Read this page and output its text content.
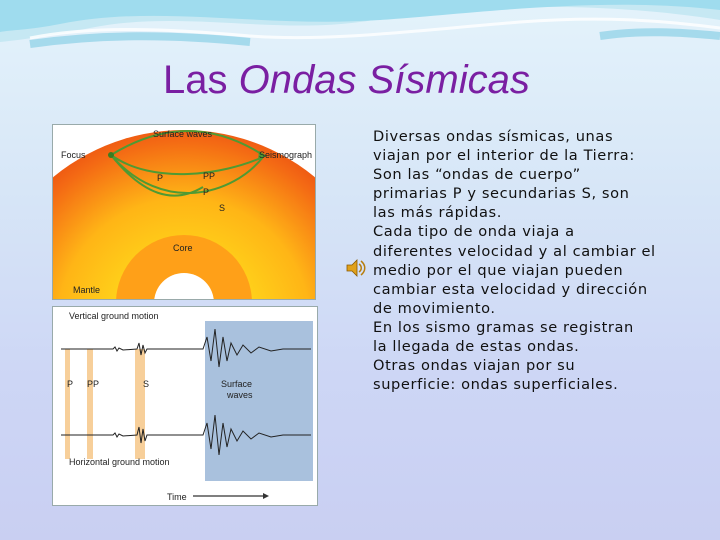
Las Ondas Sísmicas
Surface waves
Focus	Seismograph
P	PP
P
S
Core
Mantle
Vertical ground motion
P PP	S	Surface
waves
Horizontal ground motion
Time

Diversas ondas sísmicas, unas
viajan por el interior de la Tierra:
Son las “ondas de cuerpo”
primarias P y secundarias S, son
las más rápidas.
Cada tipo de onda viaja a
diferentes velocidad y al cambiar el
medio por el que viajan pueden
cambiar esta velocidad y dirección
de movimiento.
En los sismo gramas se registran
la llegada de estas ondas.
Otras ondas viajan por su
superficie: ondas superficiales.
